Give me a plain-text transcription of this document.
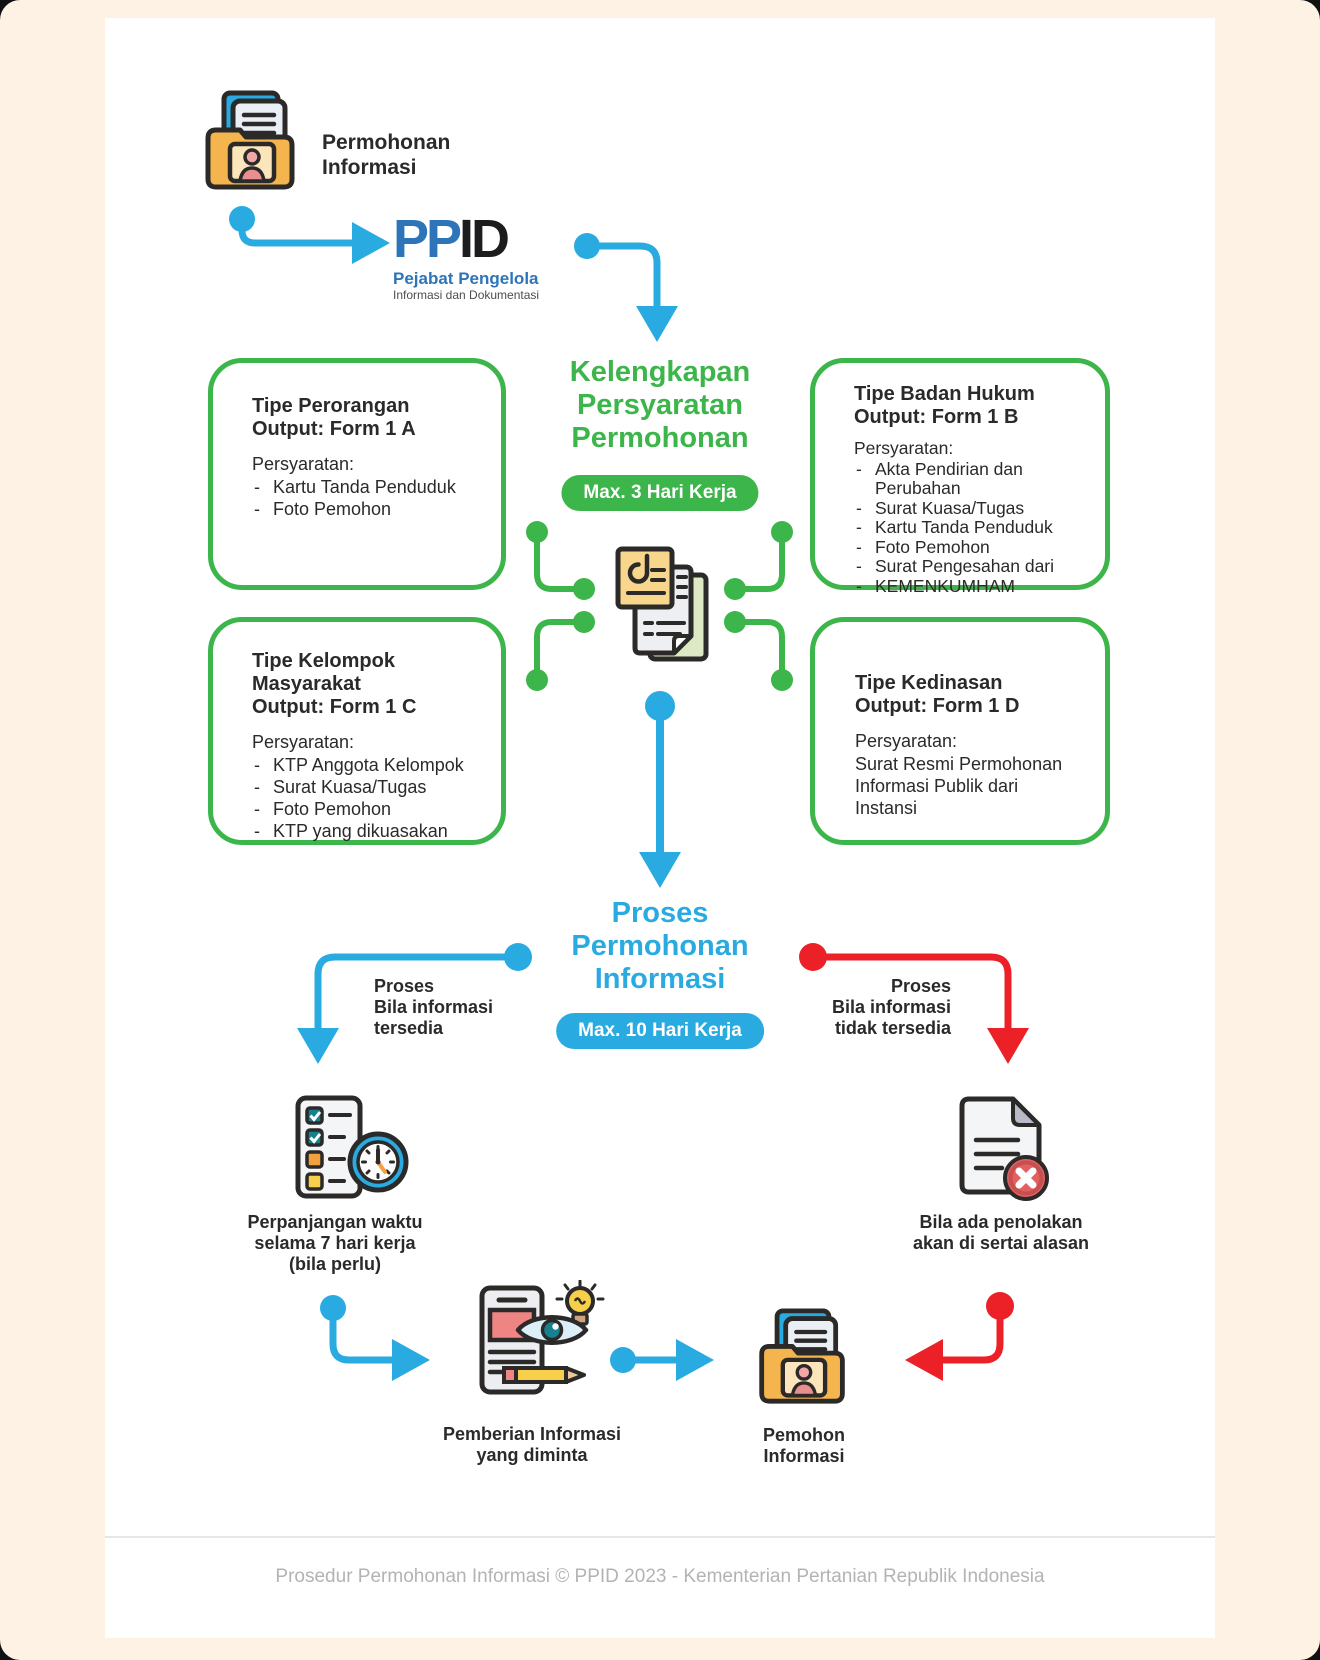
Permohonan
Informasi
PPID
Pejabat Pengelola
Informasi dan Dokumentasi
Kelengkapan
Persyaratan
Permohonan
Max. 3 Hari Kerja
Tipe Perorangan
Output: Form 1 A
Persyaratan:
- Kartu Tanda Penduduk
- Foto Pemohon
Tipe Badan Hukum
Output: Form 1 B
Persyaratan:
- Akta Pendirian dan Perubahan
- Surat Kuasa/Tugas
- Kartu Tanda Penduduk
- Foto Pemohon
- Surat Pengesahan dari
- KEMENKUMHAM
Tipe Kelompok
Masyarakat
Output: Form 1 C
Persyaratan:
- KTP Anggota Kelompok
- Surat Kuasa/Tugas
- Foto Pemohon
- KTP yang dikuasakan
Tipe Kedinasan
Output: Form 1 D
Persyaratan:
Surat Resmi Permohonan
Informasi Publik dari
Instansi
Proses
Permohonan
Informasi
Max. 10 Hari Kerja
Proses
Bila informasi
tersedia
Proses
Bila informasi
tidak tersedia
Perpanjangan waktu
selama 7 hari kerja
(bila perlu)
Pemberian Informasi
yang diminta
Bila ada penolakan
akan di sertai alasan
Pemohon
Informasi
Prosedur Permohonan Informasi © PPID 2023 - Kementerian Pertanian Republik Indonesia
